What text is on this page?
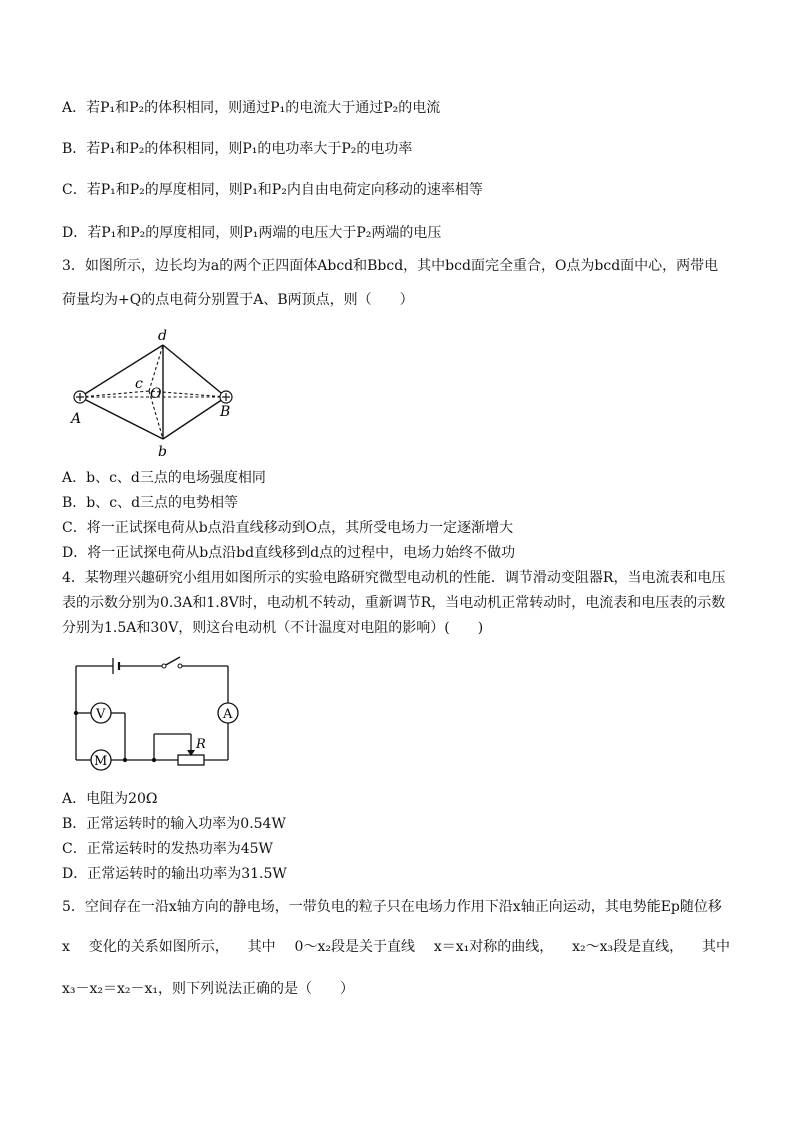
A．若P₁和P₂的体积相同，则通过P₁的电流大于通过P₂的电流
B．若P₁和P₂的体积相同，则P₁的电功率大于P₂的电功率
C．若P₁和P₂的厚度相同，则P₁和P₂内自由电荷定向移动的速率相等
D．若P₁和P₂的厚度相同，则P₁两端的电压大于P₂两端的电压
3．如图所示，边长均为a的两个正四面体Abcd和Bbcd，其中bcd面完全重合，O点为bcd面中心，两带电
荷量均为+Q的点电荷分别置于A、B两顶点，则（　　）
d
c
O
A	B
b
A．b、c、d三点的电场强度相同
B．b、c、d三点的电势相等
C．将一正试探电荷从b点沿直线移动到O点，其所受电场力一定逐渐增大
D．将一正试探电荷从b点沿bd直线移到d点的过程中，电场力始终不做功
4．某物理兴趣研究小组用如图所示的实验电路研究微型电动机的性能．调节滑动变阻器R，当电流表和电压
表的示数分别为0.3A和1.8V时，电动机不转动，重新调节R，当电动机正常转动时，电流表和电压表的示数
分别为1.5A和30V，则这台电动机（不计温度对电阻的影响）(　　)
V	A
M
R
A．电阻为20Ω
B．正常运转时的输入功率为0.54W
C．正常运转时的发热功率为45W
D．正常运转时的输出功率为31.5W
5．空间存在一沿x轴方向的静电场，一带负电的粒子只在电场力作用下沿x轴正向运动，其电势能Ep随位移
x 变化的关系如图所示， 其中 0～x₂段是关于直线 x＝x₁对称的曲线， x₂～x₃段是直线， 其中
x₃－x₂＝x₂－x₁，则下列说法正确的是（　　）
